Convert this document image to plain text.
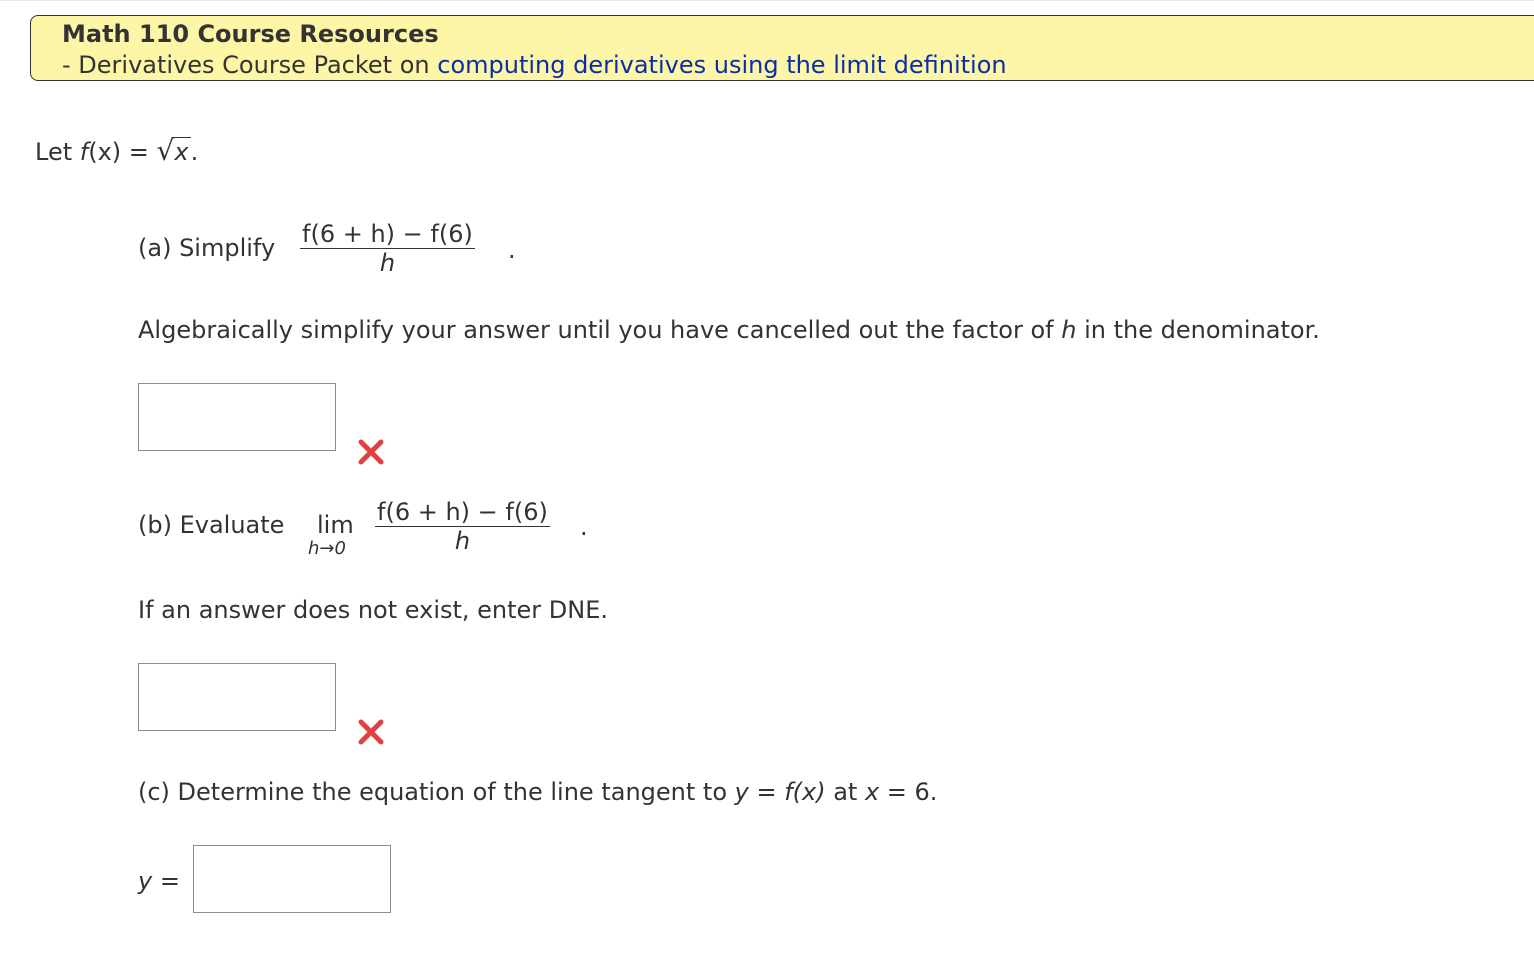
Math 110 Course Resources
- Derivatives Course Packet on computing derivatives using the limit definition
Let f(x) = √x.
(a) Simplify $\frac{f(6 + h) - f(6)}{h}$ .
Algebraically simplify your answer until you have cancelled out the factor of h in the denominator.
(b) Evaluate lim
$h\to 0 \frac{f(6 + h) - f(6)}{h}$ .
If an answer does not exist, enter DNE.
(c) Determine the equation of the line tangent to y = f(x) at x = 6.
y =
